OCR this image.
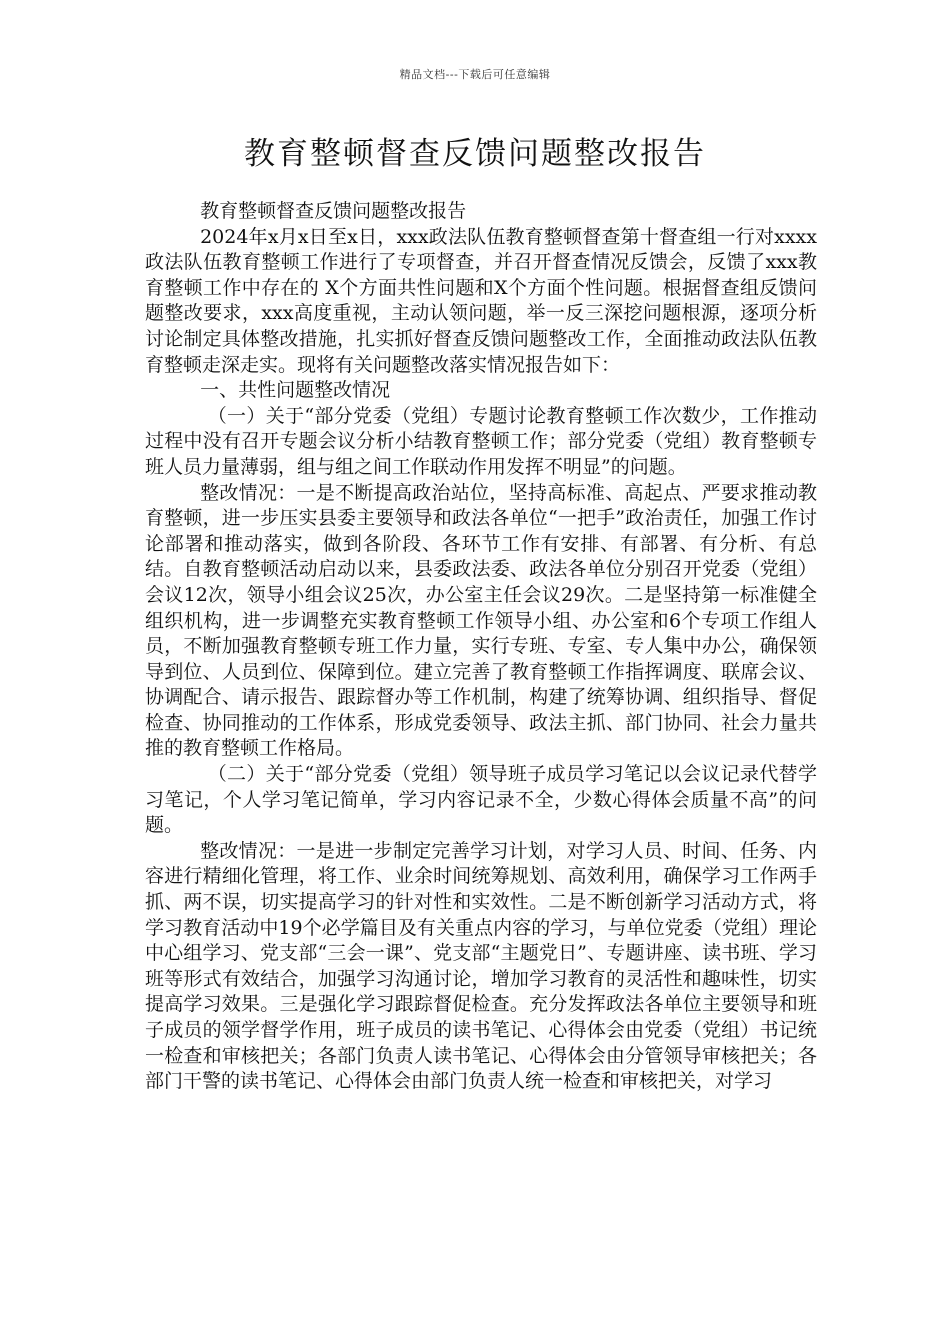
精品文档---下载后可任意编辑
教育整顿督查反馈问题整改报告

教育整顿督查反馈问题整改报告

2024年x月x日至x日，xxx政法队伍教育整顿督查第十督查组一行对xxxx政法队伍教育整顿工作进行了专项督查，并召开督查情况反馈会，反馈了xxx教育整顿工作中存在的 X个方面共性问题和X个方面个性问题。根据督查组反馈问题整改要求，xxx高度重视，主动认领问题，举一反三深挖问题根源，逐项分析讨论制定具体整改措施，扎实抓好督查反馈问题整改工作，全面推动政法队伍教育整顿走深走实。现将有关问题整改落实情况报告如下：

一、共性问题整改情况

（一）关于“部分党委（党组）专题讨论教育整顿工作次数少，工作推动过程中没有召开专题会议分析小结教育整顿工作；部分党委（党组）教育整顿专班人员力量薄弱，组与组之间工作联动作用发挥不明显”的问题。

整改情况：一是不断提高政治站位，坚持高标准、高起点、严要求推动教育整顿，进一步压实县委主要领导和政法各单位“一把手”政治责任，加强工作讨论部署和推动落实，做到各阶段、各环节工作有安排、有部署、有分析、有总结。自教育整顿活动启动以来，县委政法委、政法各单位分别召开党委（党组）会议12次，领导小组会议25次，办公室主任会议29次。二是坚持第一标准健全组织机构，进一步调整充实教育整顿工作领导小组、办公室和6个专项工作组人员，不断加强教育整顿专班工作力量，实行专班、专室、专人集中办公，确保领导到位、人员到位、保障到位。建立完善了教育整顿工作指挥调度、联席会议、协调配合、请示报告、跟踪督办等工作机制，构建了统筹协调、组织指导、督促检查、协同推动的工作体系，形成党委领导、政法主抓、部门协同、社会力量共推的教育整顿工作格局。

（二）关于“部分党委（党组）领导班子成员学习笔记以会议记录代替学习笔记，个人学习笔记简单，学习内容记录不全，少数心得体会质量不高”的问题。

整改情况：一是进一步制定完善学习计划，对学习人员、时间、任务、内容进行精细化管理，将工作、业余时间统筹规划、高效利用，确保学习工作两手抓、两不误，切实提高学习的针对性和实效性。二是不断创新学习活动方式，将学习教育活动中19个必学篇目及有关重点内容的学习，与单位党委（党组）理论中心组学习、党支部“三会一课”、党支部“主题党日”、专题讲座、读书班、学习班等形式有效结合，加强学习沟通讨论，增加学习教育的灵活性和趣味性，切实提高学习效果。三是强化学习跟踪督促检查。充分发挥政法各单位主要领导和班子成员的领学督学作用，班子成员的读书笔记、心得体会由党委（党组）书记统一检查和审核把关；各部门负责人读书笔记、心得体会由分管领导审核把关；各部门干警的读书笔记、心得体会由部门负责人统一检查和审核把关，对学习
